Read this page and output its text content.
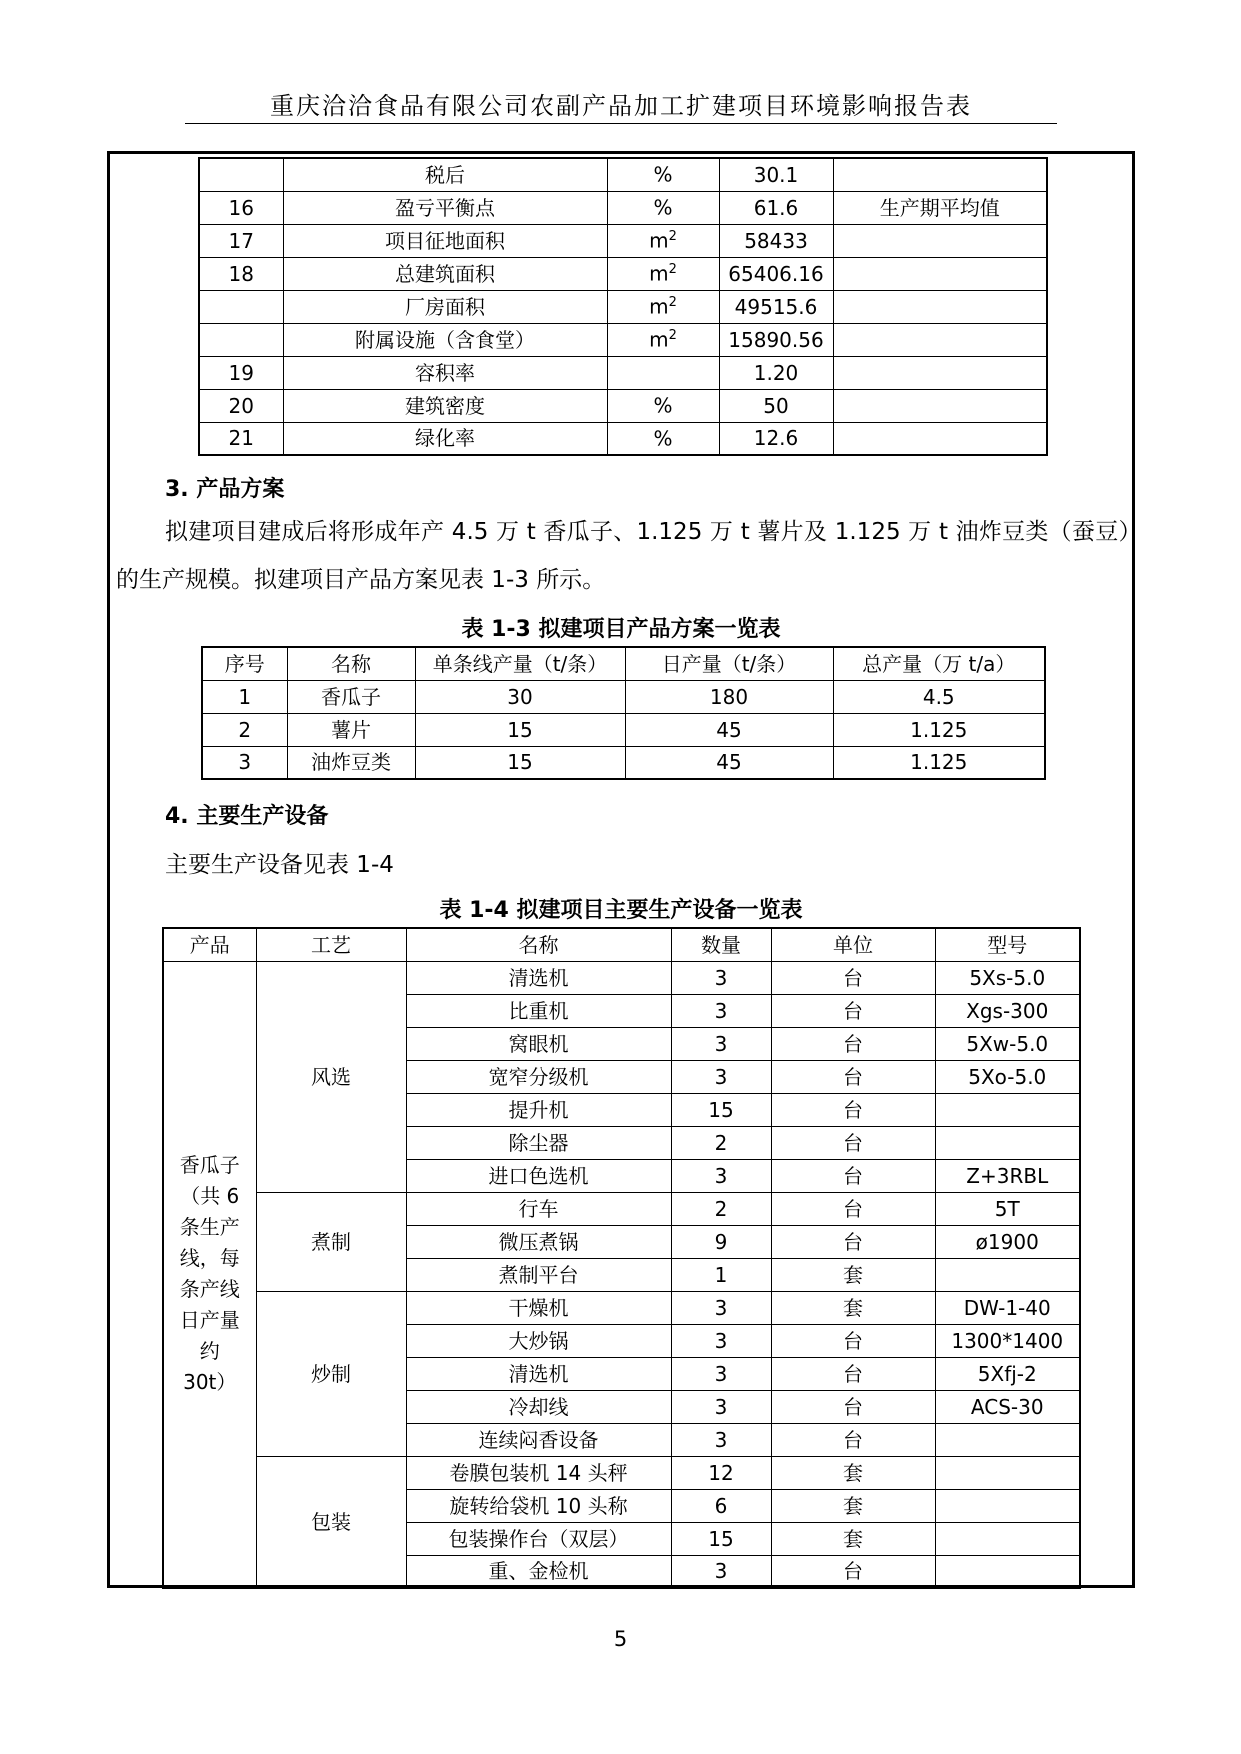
重庆洽洽食品有限公司农副产品加工扩建项目环境影响报告表
	税后	%	30.1	
16	盈亏平衡点	%	61.6	生产期平均值
17	项目征地面积	$m^2$	58433	
18	总建筑面积	$m^2$	65406.16	
	厂房面积	$m^2$	49515.6	
	附属设施（含食堂）	$m^2$	15890.56	
19	容积率		1.20	
20	建筑密度	%	50	
21	绿化率	%	12.6	
3. 产品方案
拟建项目建成后将形成年产 4.5 万 t 香瓜子、1.125 万 t 薯片及 1.125 万 t 油炸豆类（蚕豆）的生产规模。拟建项目产品方案见表 1-3 所示。
表 1-3 拟建项目产品方案一览表
序号	名称	单条线产量（t/条）	日产量（t/条）	总产量（万 t/a）
1	香瓜子	30	180	4.5
2	薯片	15	45	1.125
3	油炸豆类	15	45	1.125
4. 主要生产设备
主要生产设备见表 1-4
表 1-4 拟建项目主要生产设备一览表
产品	工艺	名称	数量	单位	型号
香瓜子（共 6 条生产线，每条产线日产量约 30t）	风选	清选机	3	台	5Xs-5.0
		比重机	3	台	Xgs-300
		窝眼机	3	台	5Xw-5.0
		宽窄分级机	3	台	5Xo-5.0
		提升机	15	台	
		除尘器	2	台	
		进口色选机	3	台	Z+3RBL
	煮制	行车	2	台	5T
		微压煮锅	9	台	ø1900
		煮制平台	1	套	
	炒制	干燥机	3	套	DW-1-40
		大炒锅	3	台	1300*1400
		清选机	3	台	5Xfj-2
		冷却线	3	台	ACS-30
		连续闷香设备	3	台	
	包装	卷膜包装机 14 头秤	12	套	
		旋转给袋机 10 头称	6	套	
		包装操作台（双层）	15	套	
		重、金检机	3	台	
5
